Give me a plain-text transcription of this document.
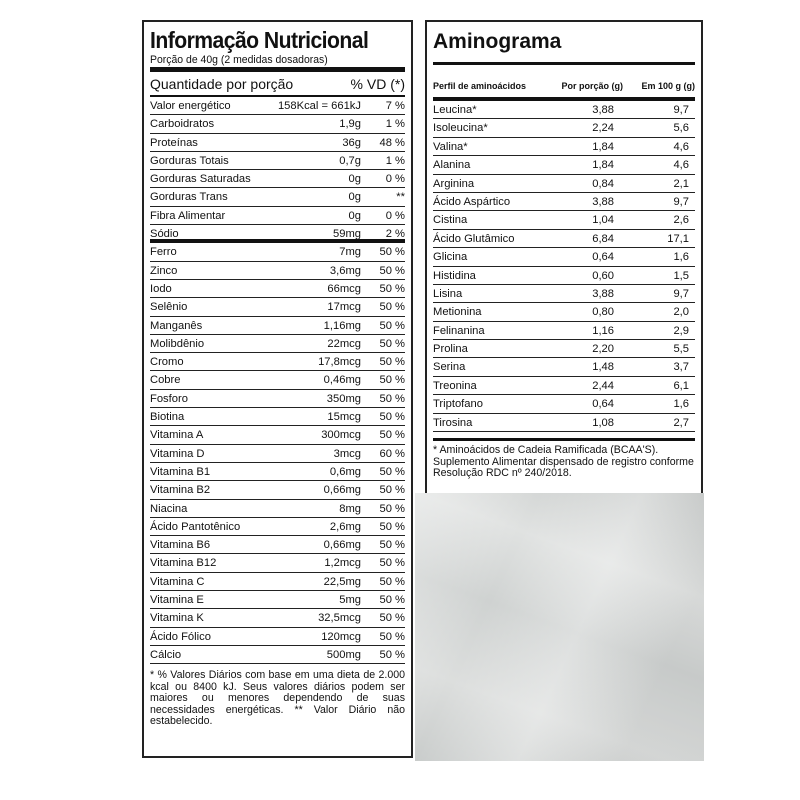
Informação Nutricional
Porção de 40g (2 medidas dosadoras)
Quantidade por porção	% VD (*)
Valor energético	158Kcal = 661kJ	7 %
Carboidratos	1,9g	1 %
Proteínas	36g	48 %
Gorduras Totais	0,7g	1 %
Gorduras Saturadas	0g	0 %
Gorduras Trans	0g	**
Fibra Alimentar	0g	0 %
Sódio	59mg	2 %
Ferro	7mg	50 %
Zinco	3,6mg	50 %
Iodo	66mcg	50 %
Selênio	17mcg	50 %
Manganês	1,16mg	50 %
Molibdênio	22mcg	50 %
Cromo	17,8mcg	50 %
Cobre	0,46mg	50 %
Fosforo	350mg	50 %
Biotina	15mcg	50 %
Vitamina A	300mcg	50 %
Vitamina D	3mcg	60 %
Vitamina B1	0,6mg	50 %
Vitamina B2	0,66mg	50 %
Niacina	8mg	50 %
Ácido Pantotênico	2,6mg	50 %
Vitamina B6	0,66mg	50 %
Vitamina B12	1,2mcg	50 %
Vitamina C	22,5mg	50 %
Vitamina E	5mg	50 %
Vitamina K	32,5mcg	50 %
Ácido Fólico	120mcg	50 %
Cálcio	500mg	50 %
* % Valores Diários com base em uma dieta de 2.000 kcal ou 8400 kJ. Seus valores diários podem ser maiores ou menores dependendo de suas necessidades energéticas. ** Valor Diário não estabelecido.
Aminograma
Perfil de aminoácidos	Por porção (g)	Em 100 g (g)
Leucina*	3,88	9,7
Isoleucina*	2,24	5,6
Valina*	1,84	4,6
Alanina	1,84	4,6
Arginina	0,84	2,1
Ácido Aspártico	3,88	9,7
Cistina	1,04	2,6
Ácido Glutâmico	6,84	17,1
Glicina	0,64	1,6
Histidina	0,60	1,5
Lisina	3,88	9,7
Metionina	0,80	2,0
Felinanina	1,16	2,9
Prolina	2,20	5,5
Serina	1,48	3,7
Treonina	2,44	6,1
Triptofano	0,64	1,6
Tirosina	1,08	2,7
* Aminoácidos de Cadeia Ramificada (BCAA'S). Suplemento Alimentar dispensado de registro conforme Resolução RDC nº 240/2018.
